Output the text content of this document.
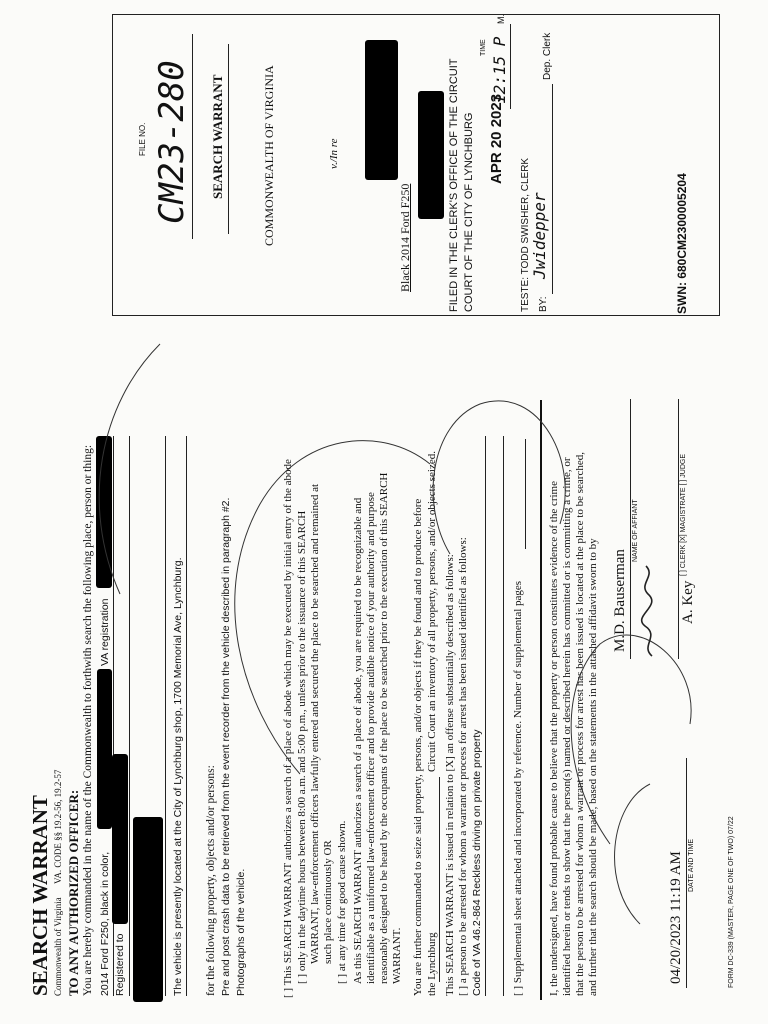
SEARCH WARRANT Commonwealth of Virginia
VA. CODE §§ 19.2-56, 19.2-57 TO ANY AUTHORIZED OFFICER: You are hereby commanded in the name of the Commonwealth to forthwith search the following place, person or thing: 2014 Ford F250, black in color,
VA registration
Registered to	The vehicle is presently located at the City of Lynchburg shop, 1700 Memorial Ave, Lynchburg. for the following property, objects and/or persons: Pre and post crash data to be retrieved from the event recorder from the vehicle described in paragraph #2. Photographs of the vehicle.	[ ] This SEARCH WARRANT authorizes a search of a place of abode which may be executed by initial entry of the abode [ ] only in the daytime hours between 8:00 a.m. and 5:00 p.m., unless prior to the issuance of this SEARCH WARRANT, law-enforcement officers lawfully entered and secured the place to be searched and remained at such place continuously OR [ ] at any time for good cause shown. As this SEARCH WARRANT authorizes a search of a place of abode, you are required to be recognizable and identifiable as a uniformed law-enforcement officer and to provide audible notice of your authority and purpose reasonably designed to be heard by the occupants of the place to be searched prior to the execution of this SEARCH WARRANT. You are further commanded to seize said property, persons, and/or objects if they be found and to produce before the Lynchburg
Circuit Court an inventory of all property, persons, and/or objects seized. This SEARCH WARRANT is issued in relation to [X] an offense substantially described as follows: [ ] a person to be arrested for whom a warrant or process for arrest has been issued identified as follows: Code of VA 46.2-864 Reckless driving on private property	[ ] Supplemental sheet attached and incorporated by reference. Number of supplemental pages I, the undersigned, have found probable cause to believe that the property or person constitutes evidence of the crime identified herein or tends to show that the person(s) named or described herein has committed or is committing a crime, or that the person to be arrested for whom a warrant or process for arrest has been issued is located at the place to be searched, and further that the search should be made, based on the statements in the attached affidavit sworn to by M.D. Bauserman
NAME OF AFFIANT
04/20/2023 11:19 AM DATE AND TIME
A. Key
[ ] CLERK [X] MAGISTRATE [ ] JUDGE
FORM DC-339 (MASTER, PAGE ONE OF TWO) 07/22
FILE NO. CM23-280 SEARCH WARRANT	COMMONWEALTH OF VIRGINIA	v./In re
Black 2014 Ford F250	FILED IN THE CLERK'S OFFICE OF THE CIRCUIT COURT OF THE CITY OF LYNCHBURG APR 20 2023
TIME 12:15 P
M.
TESTE: TODD SWISHER, CLERK BY:
Jwidepper
Dep. Clerk
SWN: 680CM2300005204
